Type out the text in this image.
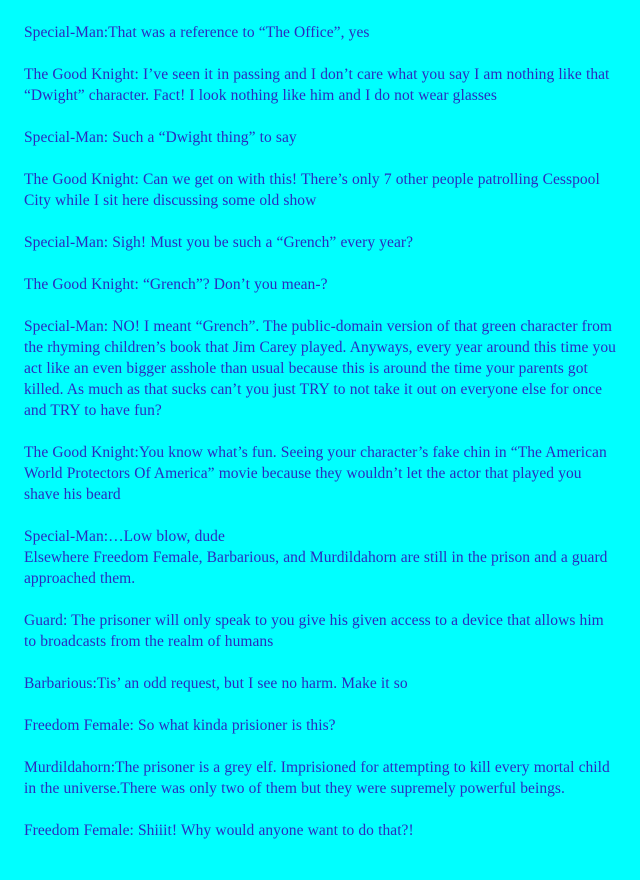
Special-Man:That was a reference to “The Office”, yes

The Good Knight: I’ve seen it in passing and I don’t care what you say I am nothing like that “Dwight” character. Fact! I look nothing like him and I do not wear glasses

Special-Man: Such a “Dwight thing” to say

The Good Knight: Can we get on with this! There’s only 7 other people patrolling Cesspool City while I sit here discussing some old show

Special-Man: Sigh! Must you be such a “Grench” every year?

The Good Knight: “Grench”? Don’t you mean-?

Special-Man: NO! I meant “Grench”. The public-domain version of that green character from the rhyming children’s book that Jim Carey played. Anyways, every year around this time you act like an even bigger asshole than usual because this is around the time your parents got killed. As much as that sucks can’t you just TRY to not take it out on everyone else for once and TRY to have fun?

The Good Knight:You know what’s fun. Seeing your character’s fake chin in “The American World Protectors Of America” movie because they wouldn’t let the actor that played you shave his beard

Special-Man:…Low blow, dude

Elsewhere Freedom Female, Barbarious, and Murdildahorn are still in the prison and a guard approached them.

Guard: The prisoner will only speak to you give his given access to a device that allows him to broadcasts from the realm of humans

Barbarious:Tis’ an odd request, but I see no harm. Make it so

Freedom Female: So what kinda prisioner is this?

Murdildahorn:The prisoner is a grey elf. Imprisioned for attempting to kill every mortal child in the universe.There was only two of them but they were supremely powerful beings.

Freedom Female: Shiiit! Why would anyone want to do that?!
